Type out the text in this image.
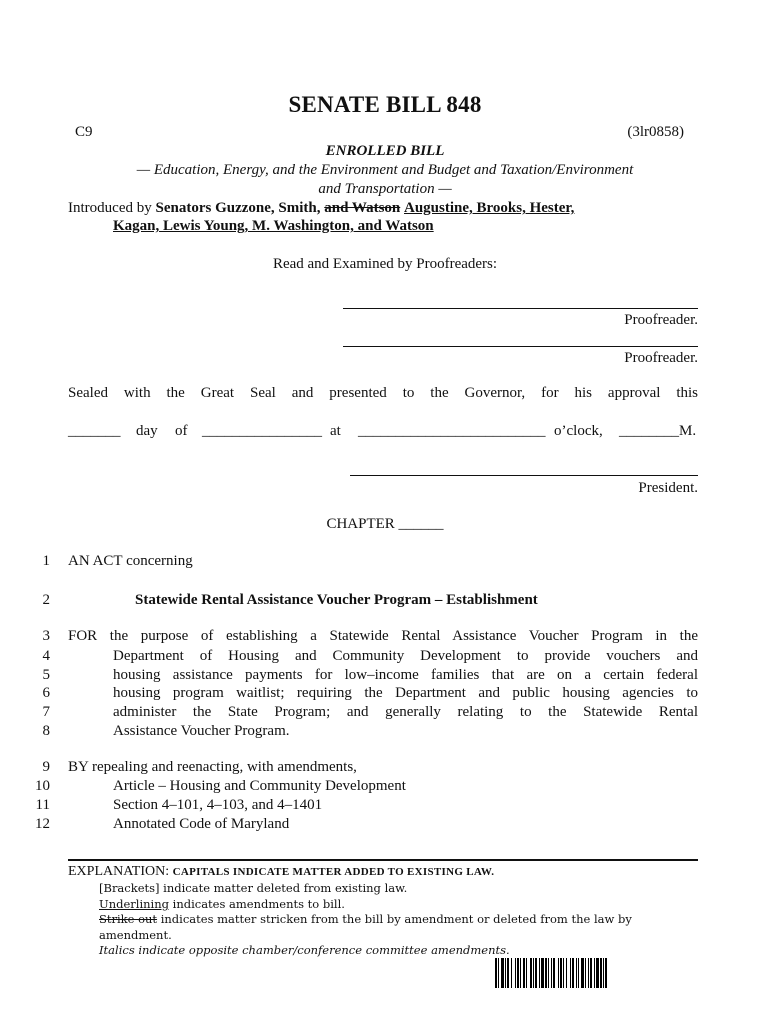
SENATE BILL 848
C9	(3lr0858)
ENROLLED BILL
— Education, Energy, and the Environment and Budget and Taxation/Environment
and Transportation —
Introduced by Senators Guzzone, Smith, and Watson Augustine, Brooks, Hester,
Kagan, Lewis Young, M. Washington, and Watson
Read and Examined by Proofreaders:
Proofreader.
Proofreader.
Sealed with the Great Seal and presented to the Governor, for his approval this
_______ day of ________________ at _________________________ o’clock, ________M.
President.
CHAPTER ______
1 AN ACT concerning
2	Statewide Rental Assistance Voucher Program – Establishment
3 FOR the purpose of establishing a Statewide Rental Assistance Voucher Program in the
4	Department of Housing and Community Development to provide vouchers and
5	housing assistance payments for low–income families that are on a certain federal
6	housing program waitlist; requiring the Department and public housing agencies to
7	administer the State Program; and generally relating to the Statewide Rental
8	Assistance Voucher Program.
9 BY repealing and reenacting, with amendments,
10	Article – Housing and Community Development
11	Section 4–101, 4–103, and 4–1401
12	Annotated Code of Maryland
EXPLANATION: CAPITALS INDICATE MATTER ADDED TO EXISTING LAW.
[Brackets] indicate matter deleted from existing law.
Underlining indicates amendments to bill.
Strike out indicates matter stricken from the bill by amendment or deleted from the law by
amendment.
Italics indicate opposite chamber/conference committee amendments.
